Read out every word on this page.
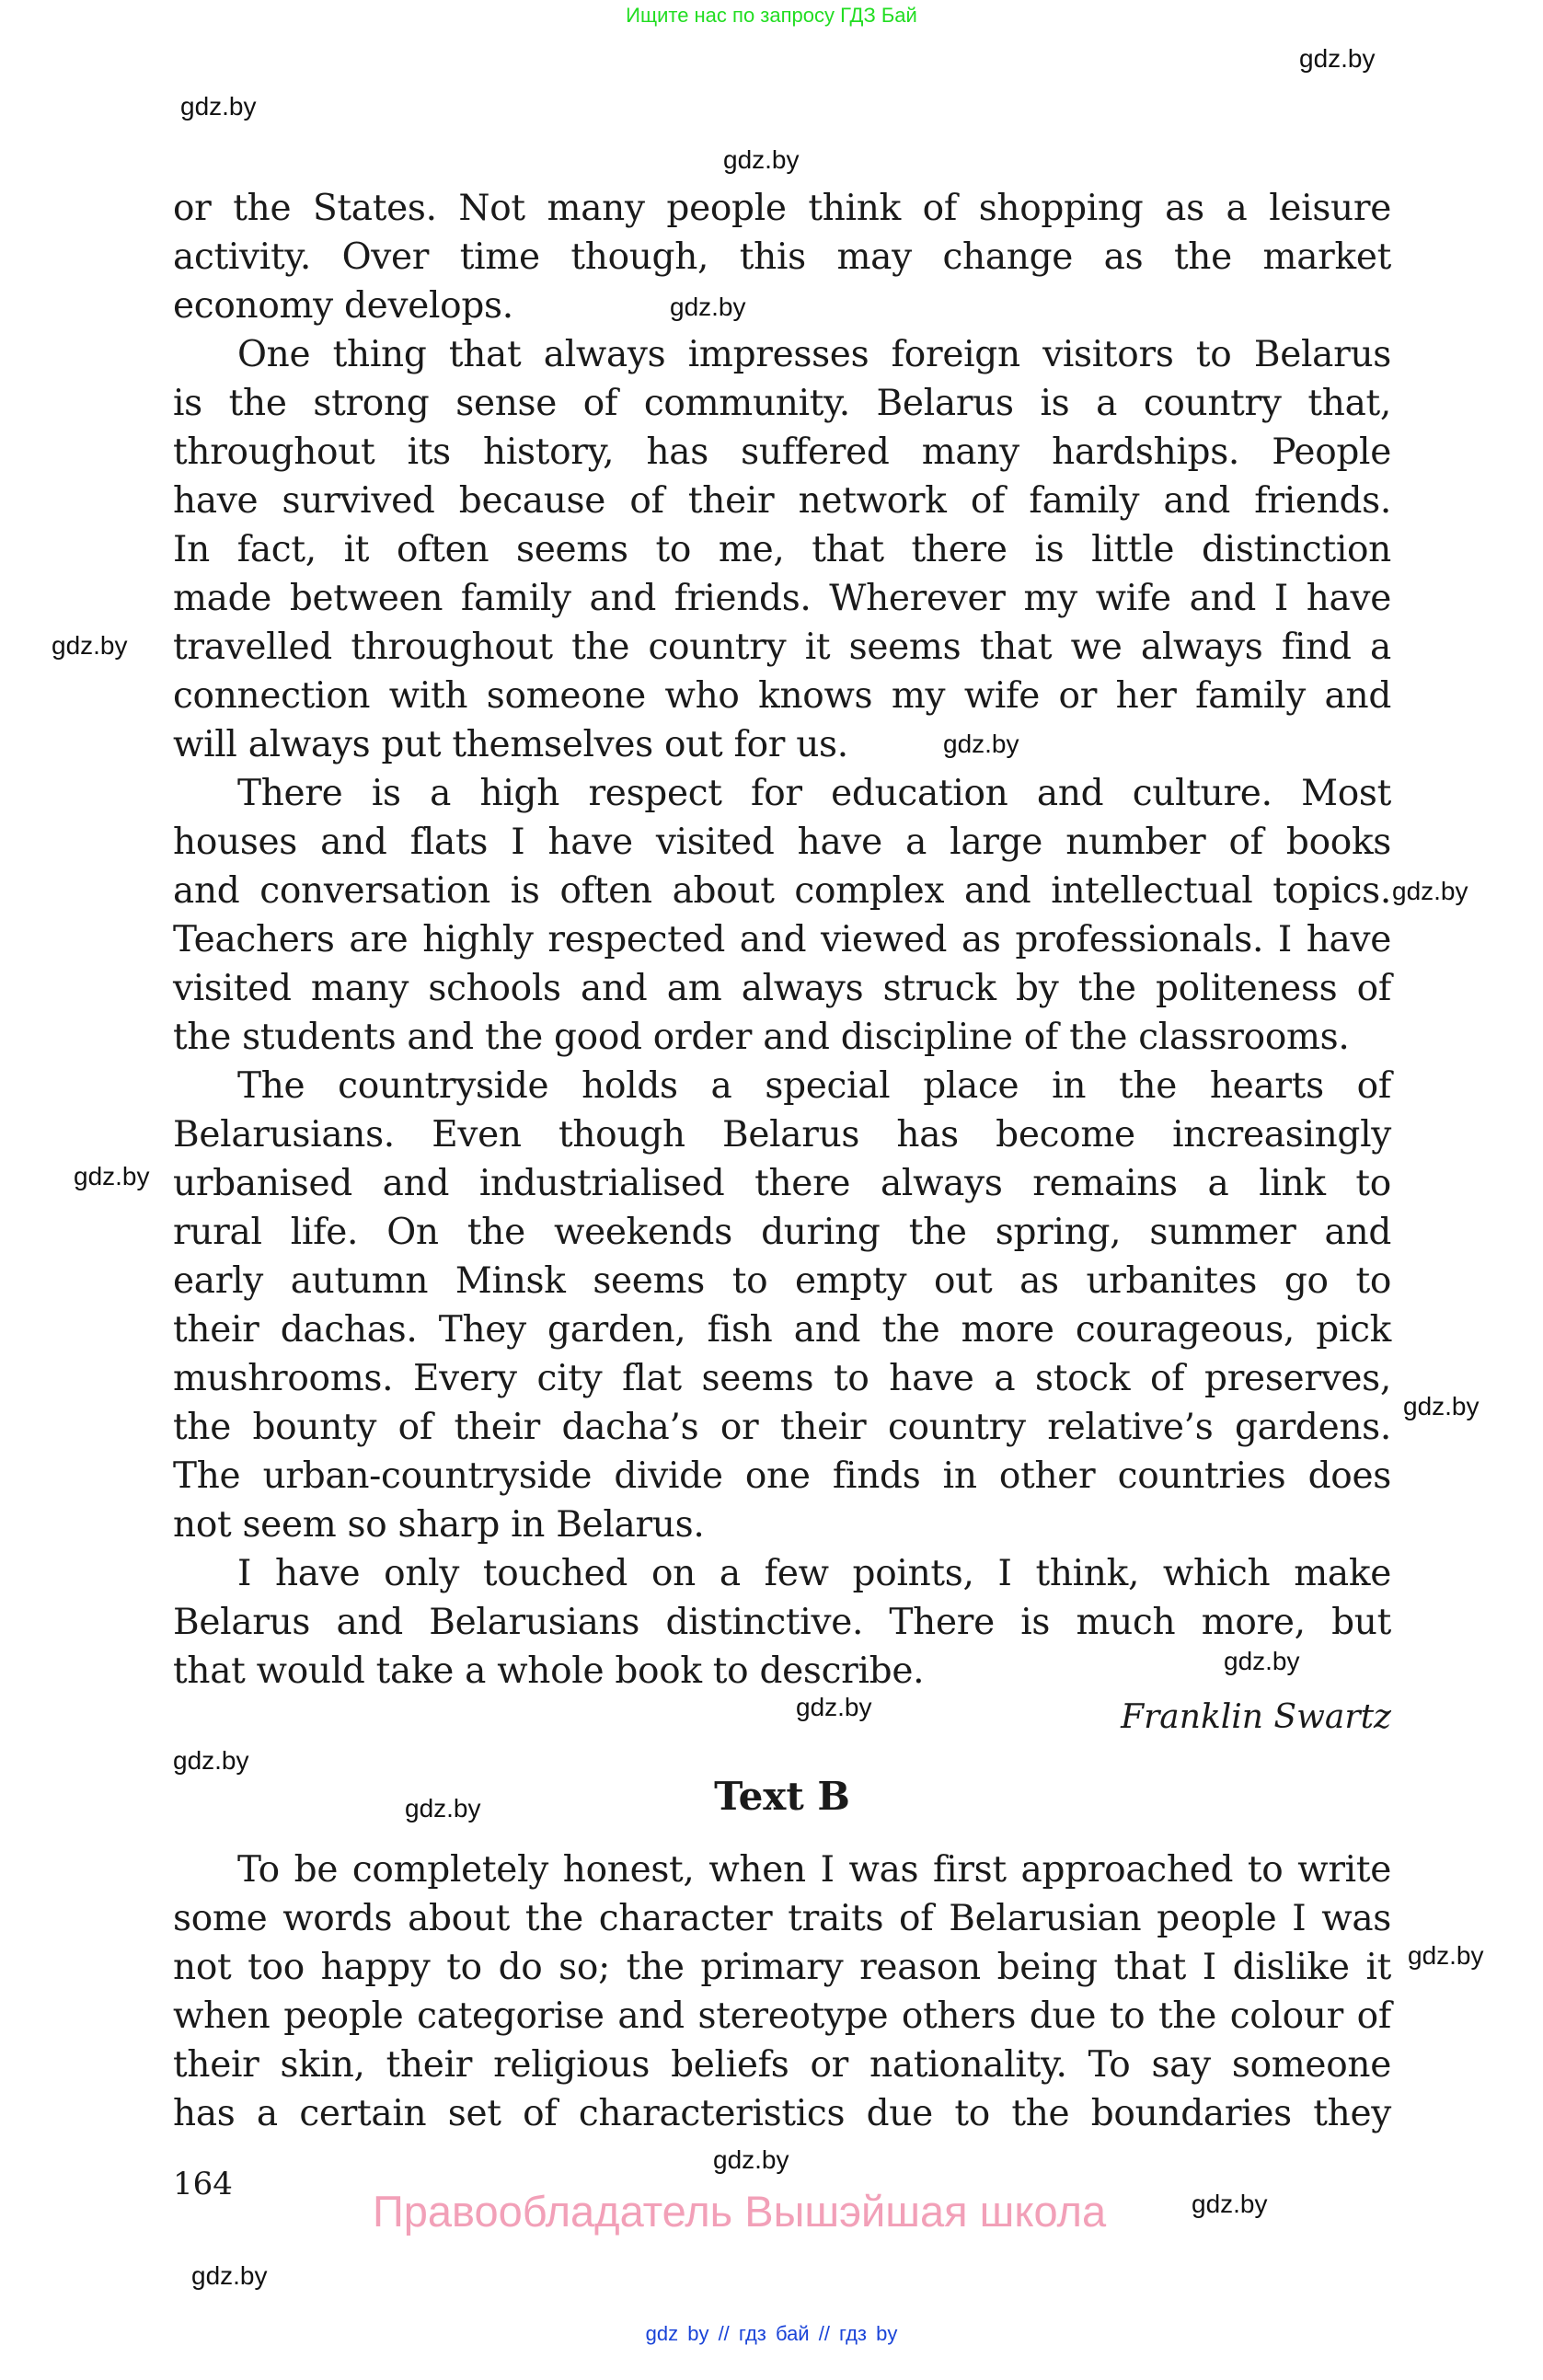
Ищите нас по запросу ГДЗ Бай
gdz.by
gdz.by
gdz.by
gdz.by
gdz.by
gdz.by
gdz.by
gdz.by
gdz.by
gdz.by
gdz.by
gdz.by
gdz.by
gdz.by
gdz.by
gdz.by
gdz.by
or the States. Not many people think of shopping as a leisure
activity. Over time though, this may change as the market
economy develops.
One thing that always impresses foreign visitors to Belarus
is the strong sense of community. Belarus is a country that,
throughout its history, has suffered many hardships. People
have survived because of their network of family and friends.
In fact, it often seems to me, that there is little distinction
made between family and friends. Wherever my wife and I have
travelled throughout the country it seems that we always find a
connection with someone who knows my wife or her family and
will always put themselves out for us.
There is a high respect for education and culture. Most
houses and flats I have visited have a large number of books
and conversation is often about complex and intellectual topics.
Teachers are highly respected and viewed as professionals. I have
visited many schools and am always struck by the politeness of
the students and the good order and discipline of the classrooms.
The countryside holds a special place in the hearts of
Belarusians. Even though Belarus has become increasingly
urbanised and industrialised there always remains a link to
rural life. On the weekends during the spring, summer and
early autumn Minsk seems to empty out as urbanites go to
their dachas. They garden, fish and the more courageous, pick
mushrooms. Every city flat seems to have a stock of preserves,
the bounty of their dacha’s or their country relative’s gardens.
The urban-countryside divide one finds in other countries does
not seem so sharp in Belarus.
I have only touched on a few points, I think, which make
Belarus and Belarusians distinctive. There is much more, but
that would take a whole book to describe.
Franklin Swartz
Text B
To be completely honest, when I was first approached to write
some words about the character traits of Belarusian people I was
not too happy to do so; the primary reason being that I dislike it
when people categorise and stereotype others due to the colour of
their skin, their religious beliefs or nationality. To say someone
has a certain set of characteristics due to the boundaries they
164
Правообладатель Вышэйшая школа
gdz by // гдз бай // гдз by
